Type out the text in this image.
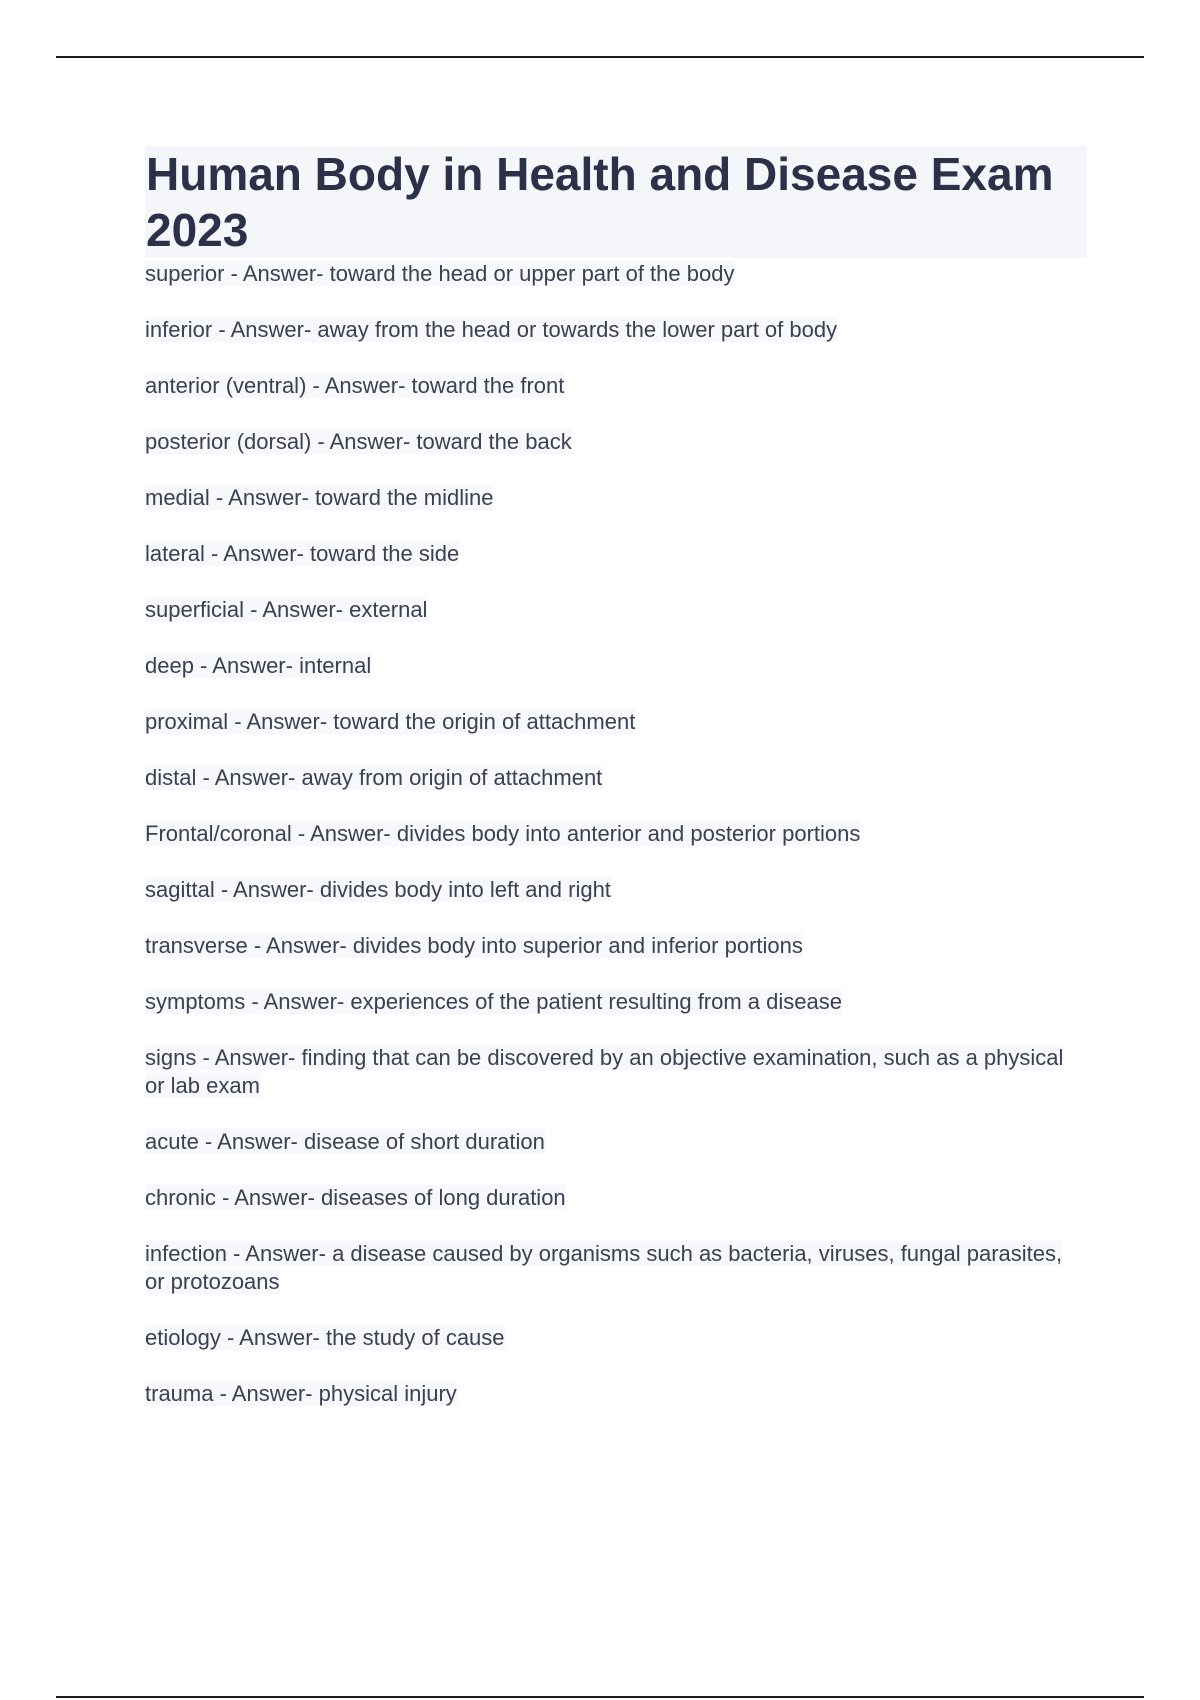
Human Body in Health and Disease Exam 2023
superior - Answer- toward the head or upper part of the body
inferior - Answer- away from the head or towards the lower part of body
anterior (ventral) - Answer- toward the front
posterior (dorsal) - Answer- toward the back
medial - Answer- toward the midline
lateral - Answer- toward the side
superficial - Answer- external
deep - Answer- internal
proximal - Answer- toward the origin of attachment
distal - Answer- away from origin of attachment
Frontal/coronal - Answer- divides body into anterior and posterior portions
sagittal - Answer- divides body into left and right
transverse - Answer- divides body into superior and inferior portions
symptoms - Answer- experiences of the patient resulting from a disease
signs - Answer- finding that can be discovered by an objective examination, such as a physical or lab exam
acute - Answer- disease of short duration
chronic - Answer- diseases of long duration
infection - Answer- a disease caused by organisms such as bacteria, viruses, fungal parasites, or protozoans
etiology - Answer- the study of cause
trauma - Answer- physical injury
